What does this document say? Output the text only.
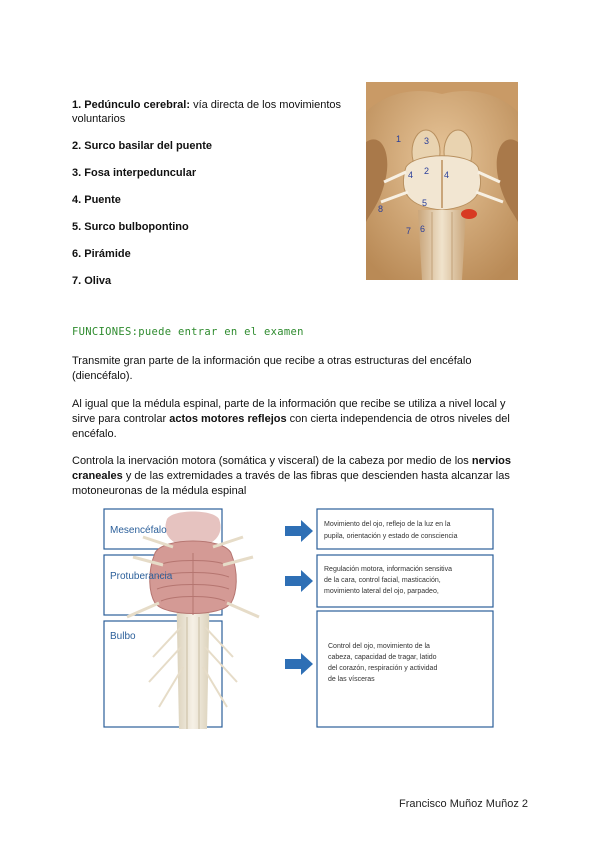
1. Pedúnculo cerebral: vía directa de los movimientos voluntarios
2. Surco basilar del puente
3. Fosa interpeduncular
4. Puente
5. Surco bulbopontino
6. Pirámide
7. Oliva
1	3
4 2 4
5
8
7 6
FUNCIONES:puede entrar en el examen

Transmite gran parte de la información que recibe a otras estructuras del encéfalo (diencéfalo).

Al igual que la médula espinal, parte de la información que recibe se utiliza a nivel local y sirve para controlar actos motores reflejos con cierta independencia de otros niveles del encéfalo.

Controla la inervación motora (somática y visceral) de la cabeza por medio de los nervios craneales y de las extremidades a través de las fibras que descienden hasta alcanzar las motoneuronas de la médula espinal

Mesencéfalo
Protuberancia
Bulbo
Movimiento del ojo, reflejo de la luz en la
pupila, orientación y estado de consciencia
Regulación motora, información sensitiva
de la cara, control facial, masticación,
movimiento lateral del ojo, parpadeo,
Control del ojo, movimiento de la
cabeza, capacidad de tragar, latido
del corazón, respiración y actividad
de las vísceras
Francisco Muñoz Muñoz 2
